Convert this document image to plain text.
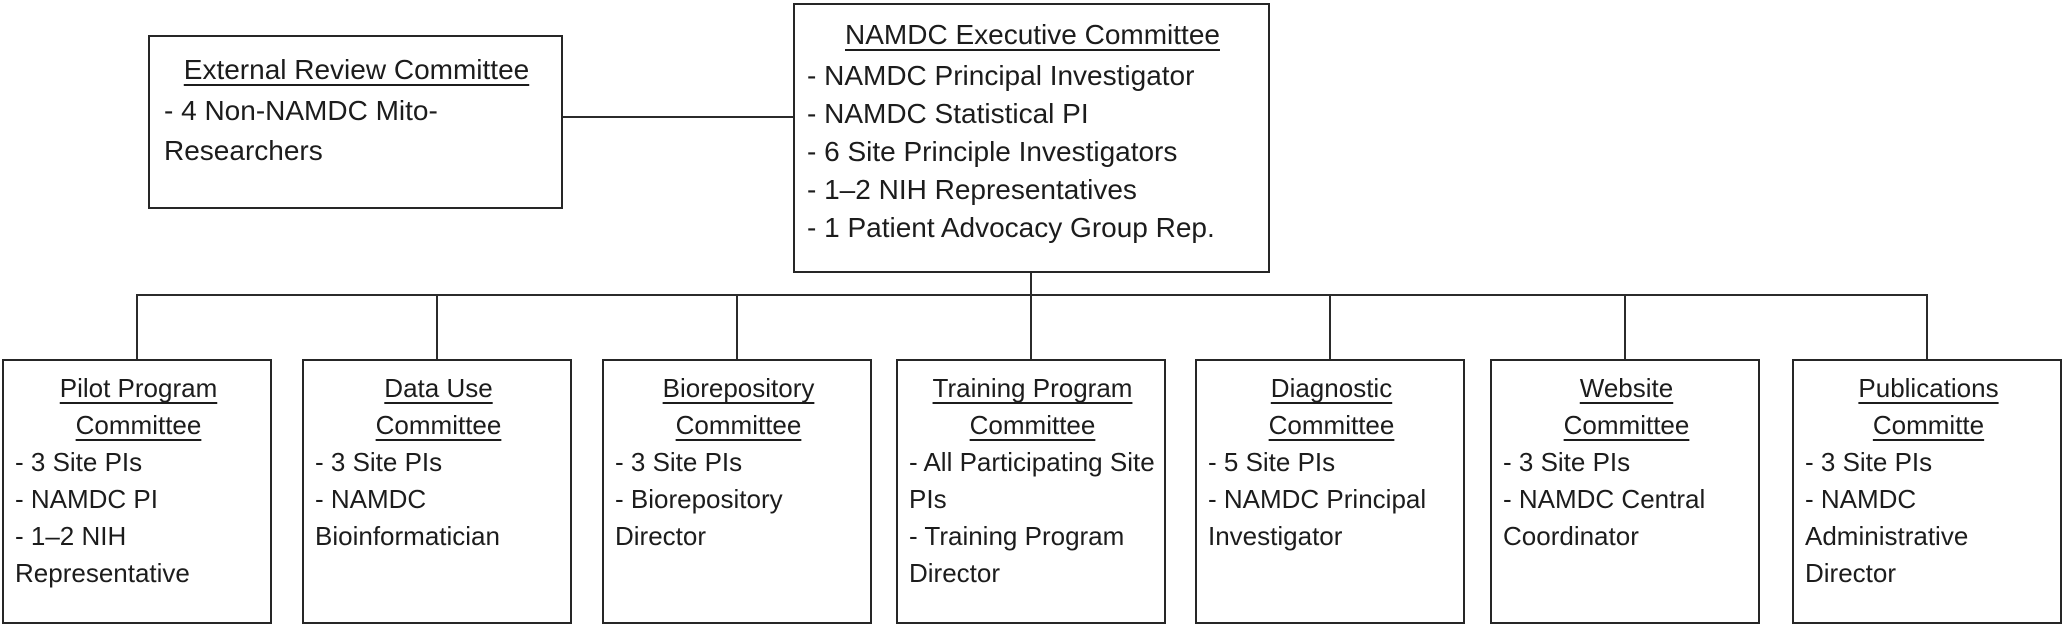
External Review Committee
- 4 Non-NAMDC Mito-Researchers
NAMDC Executive Committee
- NAMDC Principal Investigator
- NAMDC Statistical PI
- 6 Site Principle Investigators
- 1–2 NIH Representatives
- 1 Patient Advocacy Group Rep.
Pilot Program
Committee
- 3 Site PIs
- NAMDC PI
- 1–2 NIH Representative
Data Use
Committee
- 3 Site PIs
- NAMDC Bioinformatician
Biorepository
Committee
- 3 Site PIs
- Biorepository Director
Training Program
Committee
- All Participating Site PIs
- Training Program Director
Diagnostic
Committee
- 5 Site PIs
- NAMDC Principal Investigator
Website
Committee
- 3 Site PIs
- NAMDC Central Coordinator
Publications
Committe
- 3 Site PIs
- NAMDC Administrative Director
